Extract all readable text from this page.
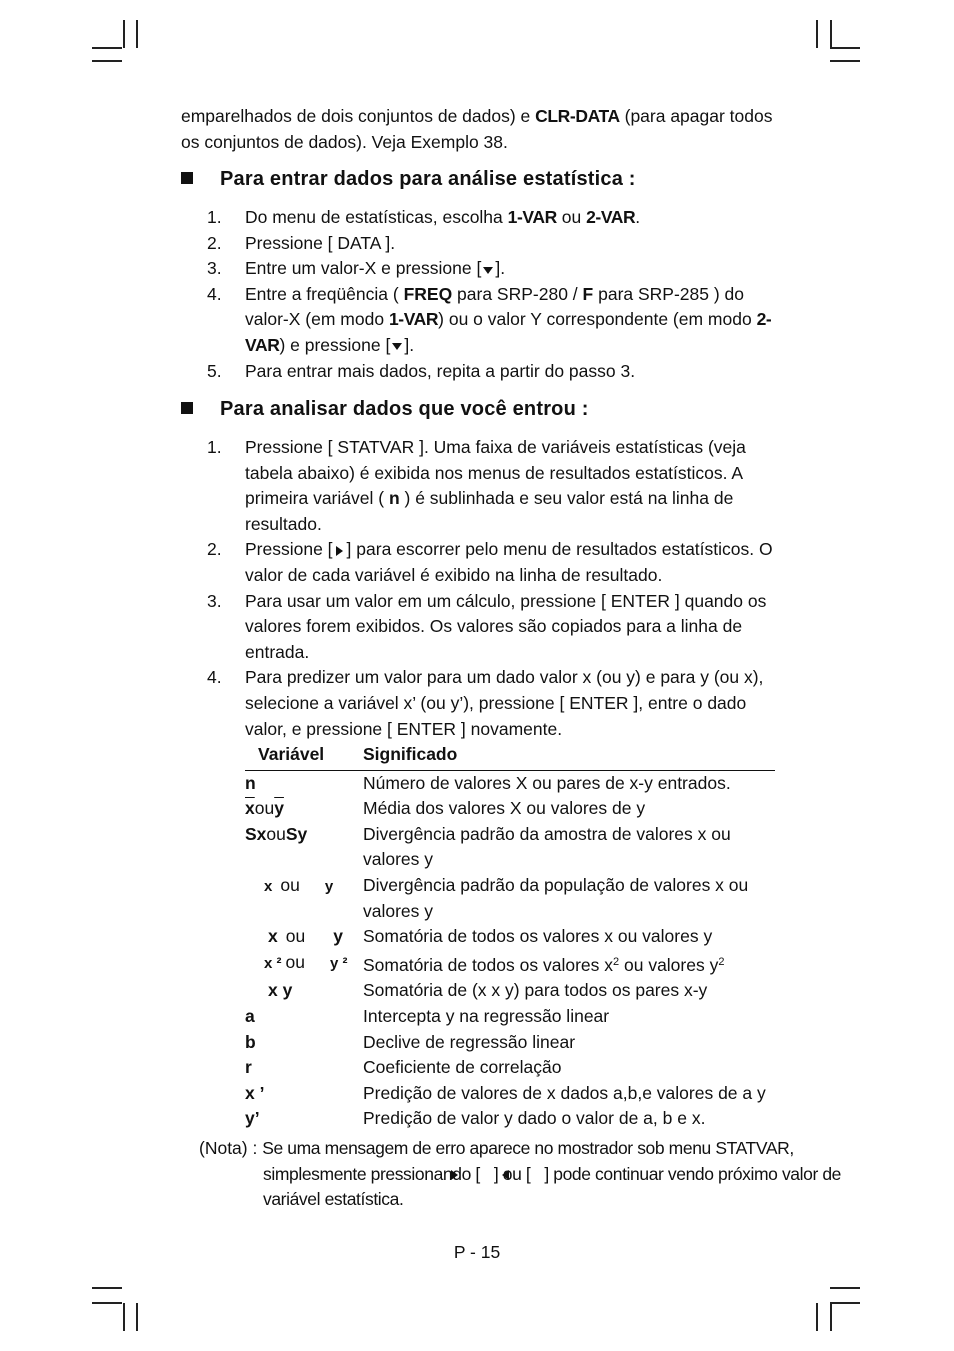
emparelhados de dois conjuntos de dados) e CLR-DATA (para apagar todos os conjuntos de dados). Veja Exemplo 38.

Para entrar dados para análise estatística :
1. Do menu de estatísticas, escolha 1-VAR ou 2-VAR.
2. Pressione [ DATA ].
3. Entre um valor-X e pressione [ ].
4. Entre a freqüência ( FREQ para SRP-280 / F para SRP-285 ) do valor-X (em modo 1-VAR) ou o valor Y correspondente (em modo 2-VAR) e pressione [ ].
5. Para entrar mais dados, repita a partir do passo 3.
Para analisar dados que você entrou :
1. Pressione [ STATVAR ]. Uma faixa de variáveis estatísticas (veja tabela abaixo) é exibida nos menus de resultados estatísticos. A primeira variável ( n ) é sublinhada e seu valor está na linha de resultado.
2. Pressione [ ] para escorrer pelo menu de resultados estatísticos. O valor de cada variável é exibido na linha de resultado.
3. Para usar um valor em um cálculo, pressione [ ENTER ] quando os valores forem exibidos. Os valores são copiados para a linha de entrada.
4. Para predizer um valor para um dado valor x (ou y) e para y (ou x), selecione a variável x’ (ou y’), pressione [ ENTER ], entre o dado valor, e pressione [ ENTER ] novamente.
Variável	Significado
n	Número de valores X ou pares de x-y entrados.
$\overline{x}ou\overline{y}$	Média dos valores X ou valores de y
SxouSy	Divergência padrão da amostra de valores x ou valores y
x ou y	Divergência padrão da população de valores x ou valores y
x ou y	Somatória de todos os valores x ou valores y
x ² ou y ²	Somatória de todos os valores $x^2$ ou valores $y^2$
x y	Somatória de (x x y) para todos os pares x-y
a	Intercepta y na regressão linear
b	Declive de regressão linear
r	Coeficiente de correlação
x ’	Predição de valores de x dados a,b,e valores de a y
y’	Predição de valor y dado o valor de a, b e x.

(Nota) : Se uma mensagem de erro aparece no mostrador sob menu STATVAR, simplesmente pressionando [ ] ou [ ] pode continuar vendo próximo valor de variável estatística.

P - 15
